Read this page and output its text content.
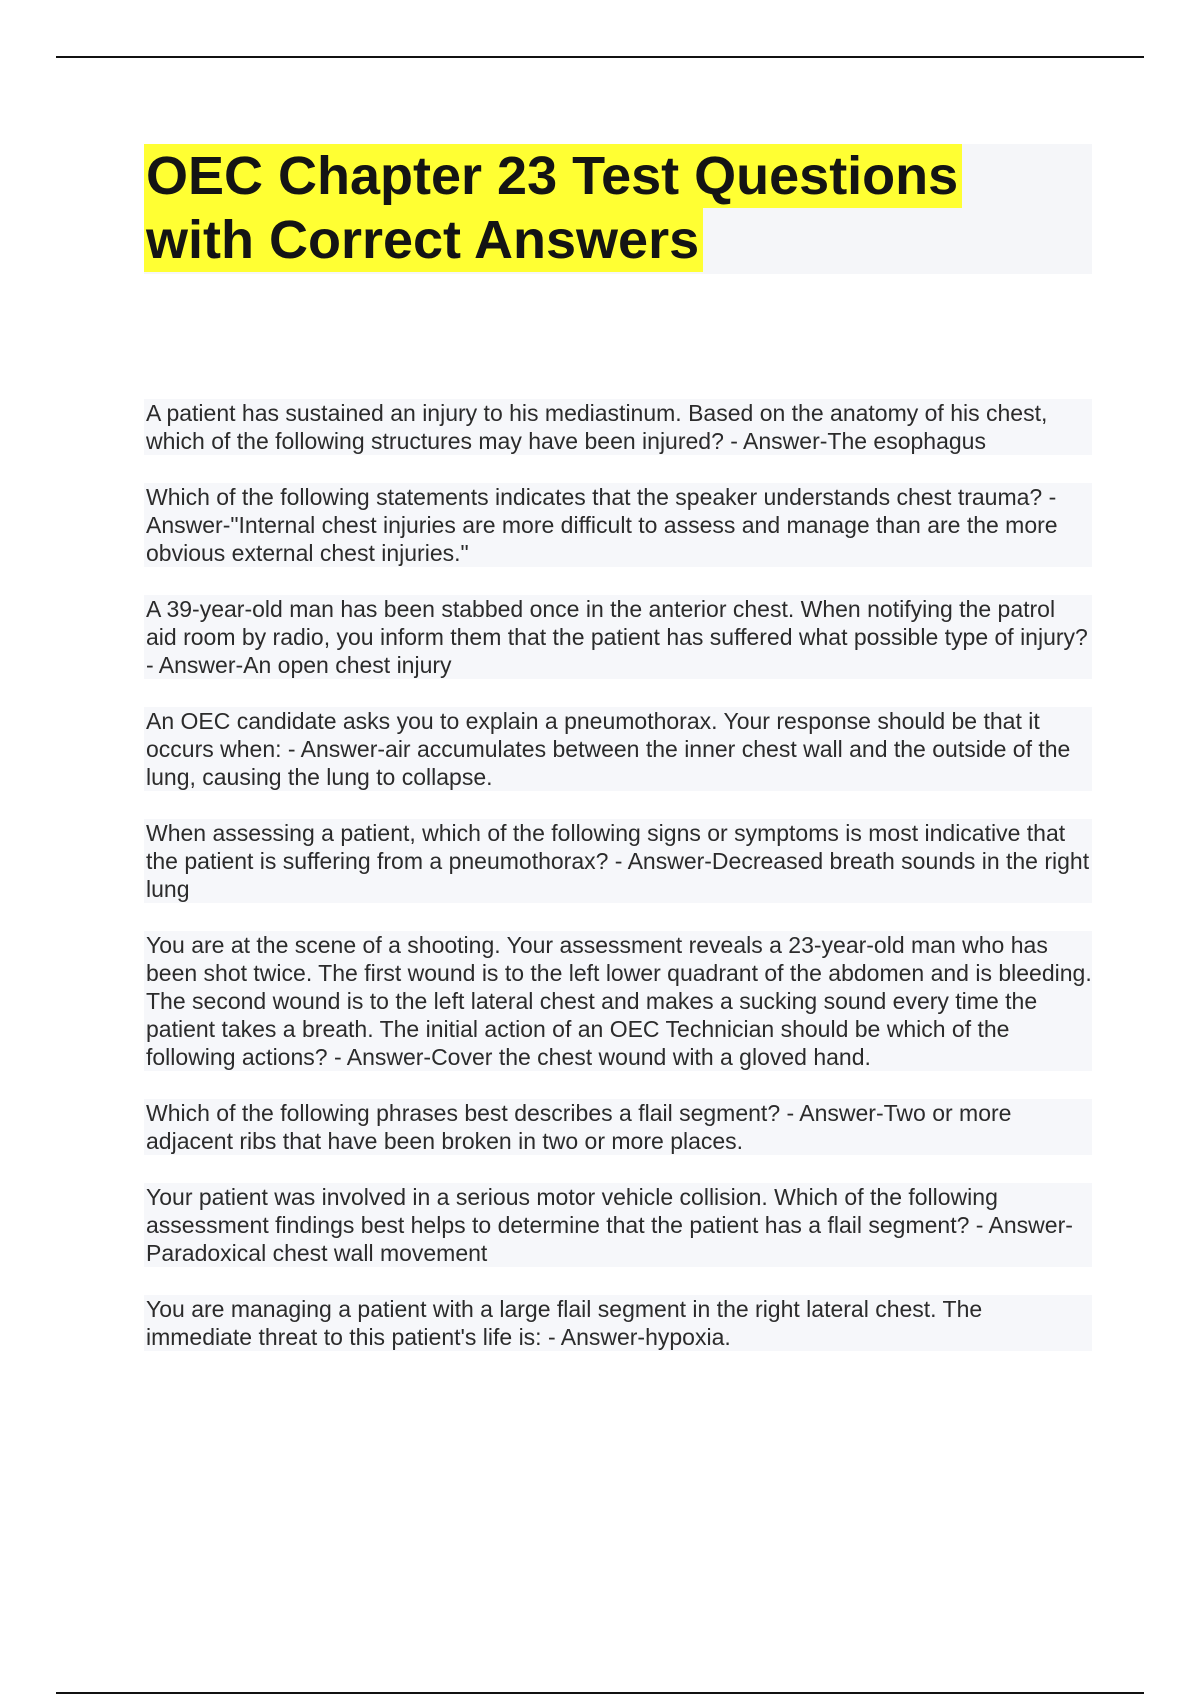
OEC Chapter 23 Test Questions
with Correct Answers

A patient has sustained an injury to his mediastinum. Based on the anatomy of his chest, which of the following structures may have been injured? - Answer-The esophagus

Which of the following statements indicates that the speaker understands chest trauma? - Answer-"Internal chest injuries are more difficult to assess and manage than are the more obvious external chest injuries."

A 39-year-old man has been stabbed once in the anterior chest. When notifying the patrol aid room by radio, you inform them that the patient has suffered what possible type of injury? - Answer-An open chest injury

An OEC candidate asks you to explain a pneumothorax. Your response should be that it occurs when: - Answer-air accumulates between the inner chest wall and the outside of the lung, causing the lung to collapse.

When assessing a patient, which of the following signs or symptoms is most indicative that the patient is suffering from a pneumothorax? - Answer-Decreased breath sounds in the right lung

You are at the scene of a shooting. Your assessment reveals a 23-year-old man who has been shot twice. The first wound is to the left lower quadrant of the abdomen and is bleeding. The second wound is to the left lateral chest and makes a sucking sound every time the patient takes a breath. The initial action of an OEC Technician should be which of the following actions? - Answer-Cover the chest wound with a gloved hand.

Which of the following phrases best describes a flail segment? - Answer-Two or more adjacent ribs that have been broken in two or more places.

Your patient was involved in a serious motor vehicle collision. Which of the following assessment findings best helps to determine that the patient has a flail segment? - Answer-Paradoxical chest wall movement

You are managing a patient with a large flail segment in the right lateral chest. The immediate threat to this patient's life is: - Answer-hypoxia.
